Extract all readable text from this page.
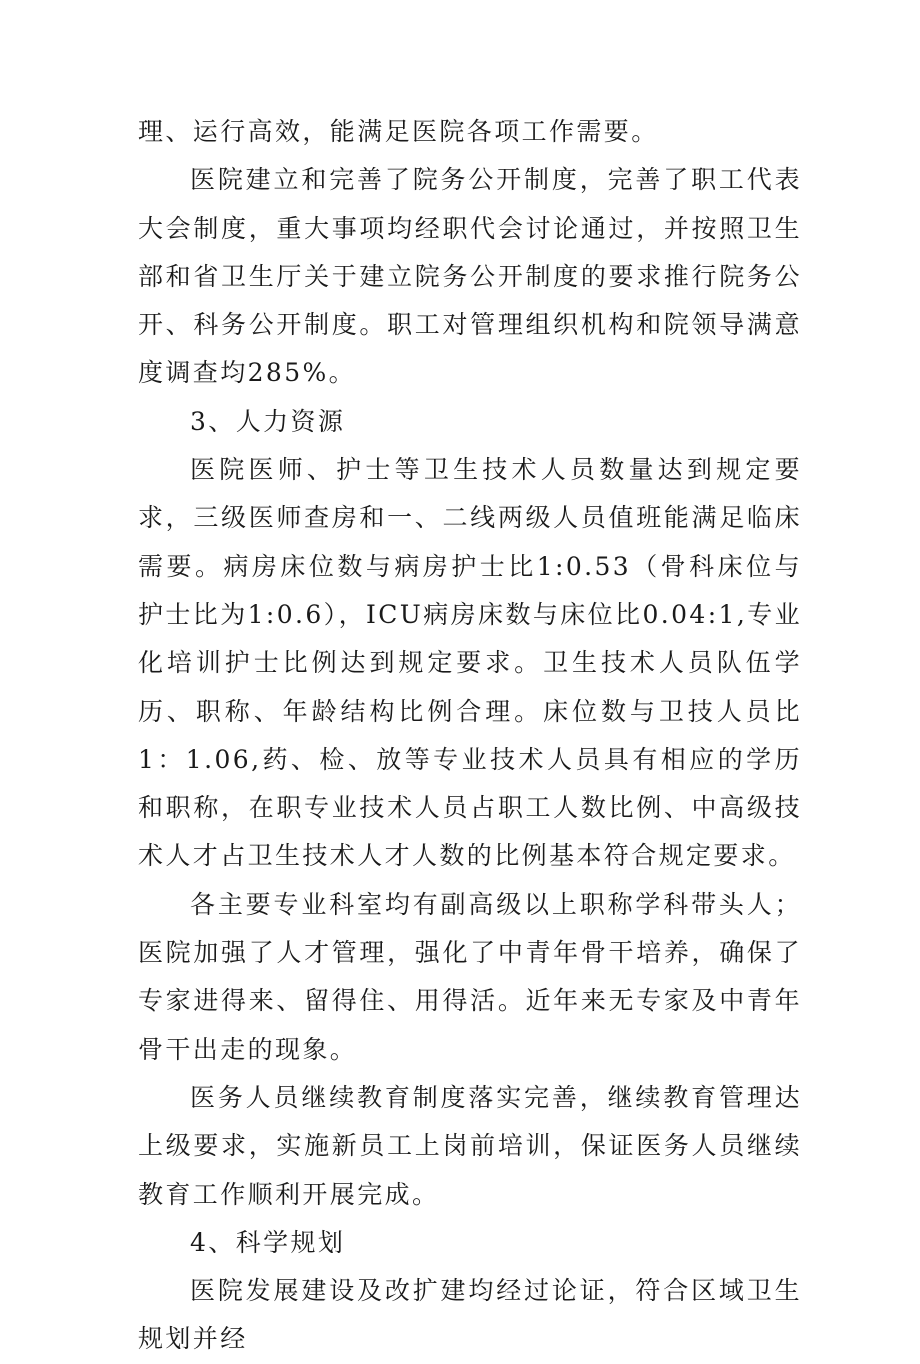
理、运行高效，能满足医院各项工作需要。

医院建立和完善了院务公开制度，完善了职工代表大会制度，重大事项均经职代会讨论通过，并按照卫生部和省卫生厅关于建立院务公开制度的要求推行院务公开、科务公开制度。职工对管理组织机构和院领导满意度调查均285%。

3、人力资源

医院医师、护士等卫生技术人员数量达到规定要求，三级医师查房和一、二线两级人员值班能满足临床需要。病房床位数与病房护士比1:0.53（骨科床位与护士比为1:0.6），ICU病房床数与床位比0.04:1,专业化培训护士比例达到规定要求。卫生技术人员队伍学历、职称、年龄结构比例合理。床位数与卫技人员比1：1.06,药、检、放等专业技术人员具有相应的学历和职称，在职专业技术人员占职工人数比例、中高级技术人才占卫生技术人才人数的比例基本符合规定要求。

各主要专业科室均有副高级以上职称学科带头人；医院加强了人才管理，强化了中青年骨干培养，确保了专家进得来、留得住、用得活。近年来无专家及中青年骨干出走的现象。

医务人员继续教育制度落实完善，继续教育管理达上级要求，实施新员工上岗前培训，保证医务人员继续教育工作顺利开展完成。

4、科学规划

医院发展建设及改扩建均经过论证，符合区域卫生规划并经
